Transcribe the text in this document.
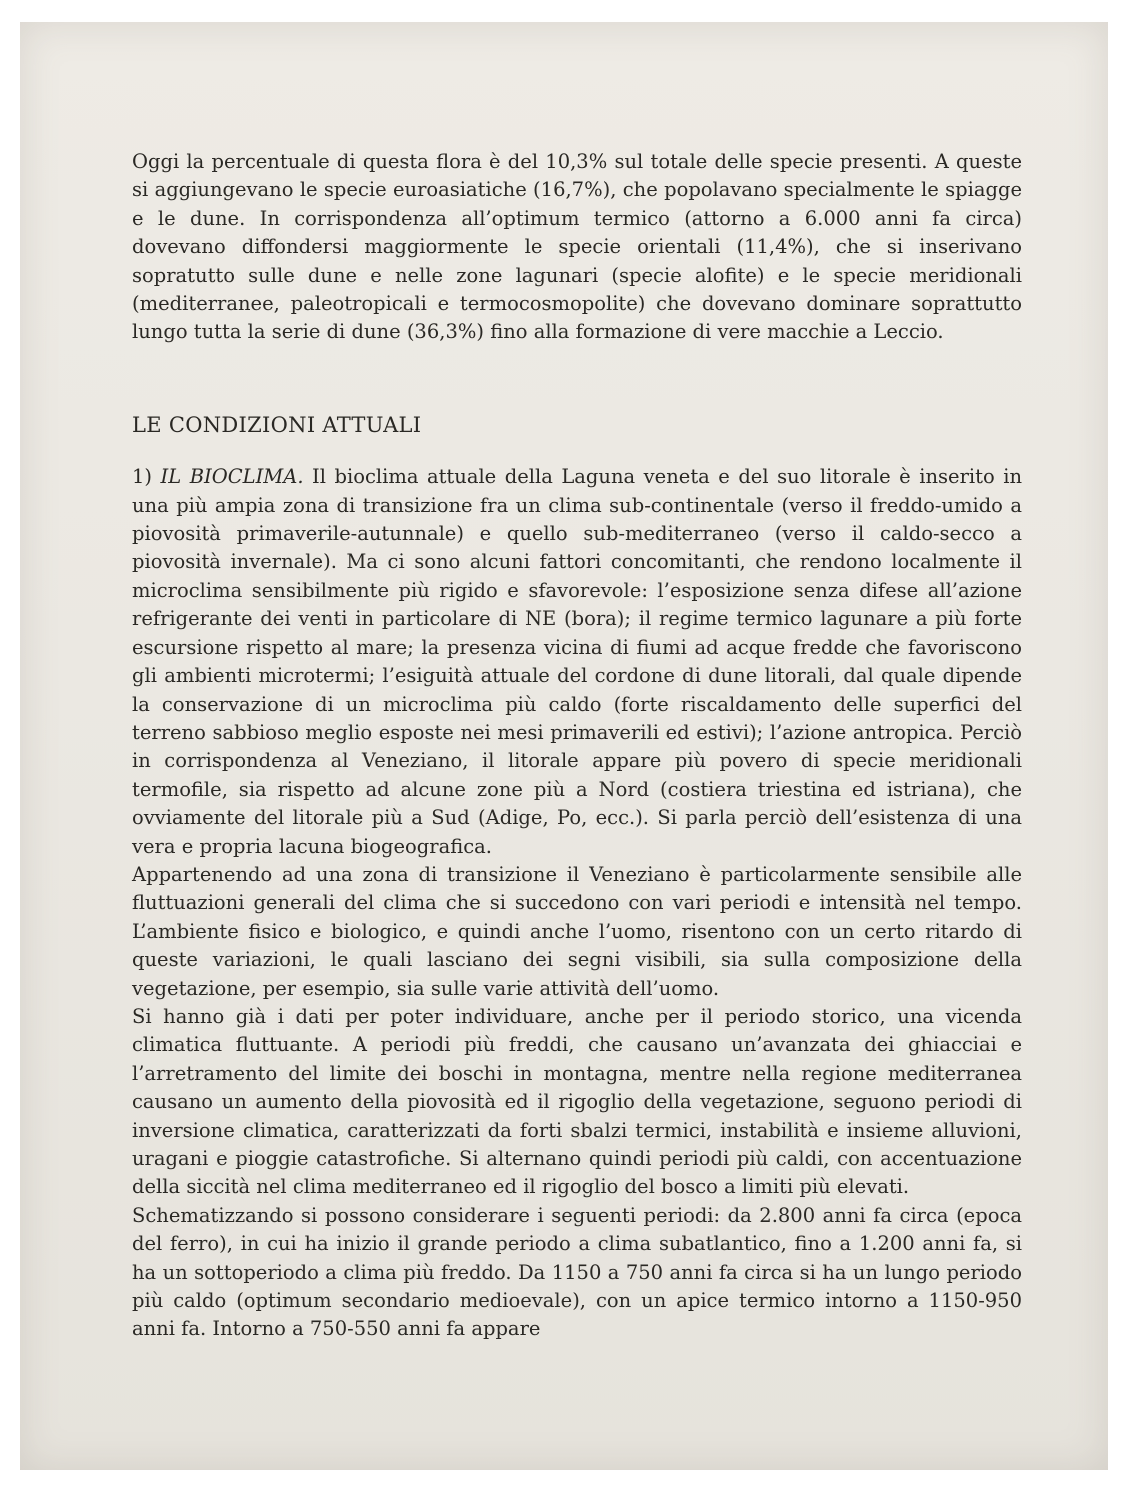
Oggi la percentuale di questa flora è del 10,3% sul totale delle specie presenti. A queste si aggiungevano le specie euroasiatiche (16,7%), che popolavano specialmente le spiagge e le dune. In corrispondenza all’optimum termico (attorno a 6.000 anni fa circa) dovevano diffondersi maggiormente le specie orientali (11,4%), che si inserivano sopratutto sulle dune e nelle zone lagunari (specie alofite) e le specie meridionali (mediterranee, paleotropicali e termocosmopolite) che dovevano dominare soprattutto lungo tutta la serie di dune (36,3%) fino alla formazione di vere macchie a Leccio.

LE CONDIZIONI ATTUALI

1) IL BIOCLIMA. Il bioclima attuale della Laguna veneta e del suo litorale è inserito in una più ampia zona di transizione fra un clima sub-continentale (verso il freddo-umido a piovosità primaverile-autunnale) e quello sub-mediterraneo (verso il caldo-secco a piovosità invernale). Ma ci sono alcuni fattori concomitanti, che rendono localmente il microclima sensibilmente più rigido e sfavorevole: l’esposizione senza difese all’azione refrigerante dei venti in particolare di NE (bora); il regime termico lagunare a più forte escursione rispetto al mare; la presenza vicina di fiumi ad acque fredde che favoriscono gli ambienti microtermi; l’esiguità attuale del cordone di dune litorali, dal quale dipende la conservazione di un microclima più caldo (forte riscaldamento delle superfici del terreno sabbioso meglio esposte nei mesi primaverili ed estivi); l’azione antropica. Perciò in corrispondenza al Veneziano, il litorale appare più povero di specie meridionali termofile, sia rispetto ad alcune zone più a Nord (costiera triestina ed istriana), che ovviamente del litorale più a Sud (Adige, Po, ecc.). Si parla perciò dell’esistenza di una vera e propria lacuna biogeografica.

Appartenendo ad una zona di transizione il Veneziano è particolarmente sensibile alle fluttuazioni generali del clima che si succedono con vari periodi e intensità nel tempo. L’ambiente fisico e biologico, e quindi anche l’uomo, risentono con un certo ritardo di queste variazioni, le quali lasciano dei segni visibili, sia sulla composizione della vegetazione, per esempio, sia sulle varie attività dell’uomo.

Si hanno già i dati per poter individuare, anche per il periodo storico, una vicenda climatica fluttuante. A periodi più freddi, che causano un’avanzata dei ghiacciai e l’arretramento del limite dei boschi in montagna, mentre nella regione mediterranea causano un aumento della piovosità ed il rigoglio della vegetazione, seguono periodi di inversione climatica, caratterizzati da forti sbalzi termici, instabilità e insieme alluvioni, uragani e pioggie catastrofiche. Si alternano quindi periodi più caldi, con accentuazione della siccità nel clima mediterraneo ed il rigoglio del bosco a limiti più elevati.

Schematizzando si possono considerare i seguenti periodi: da 2.800 anni fa circa (epoca del ferro), in cui ha inizio il grande periodo a clima subatlantico, fino a 1.200 anni fa, si ha un sottoperiodo a clima più freddo. Da 1150 a 750 anni fa circa si ha un lungo periodo più caldo (optimum secondario medioevale), con un apice termico intorno a 1150-950 anni fa. Intorno a 750-550 anni fa appare
